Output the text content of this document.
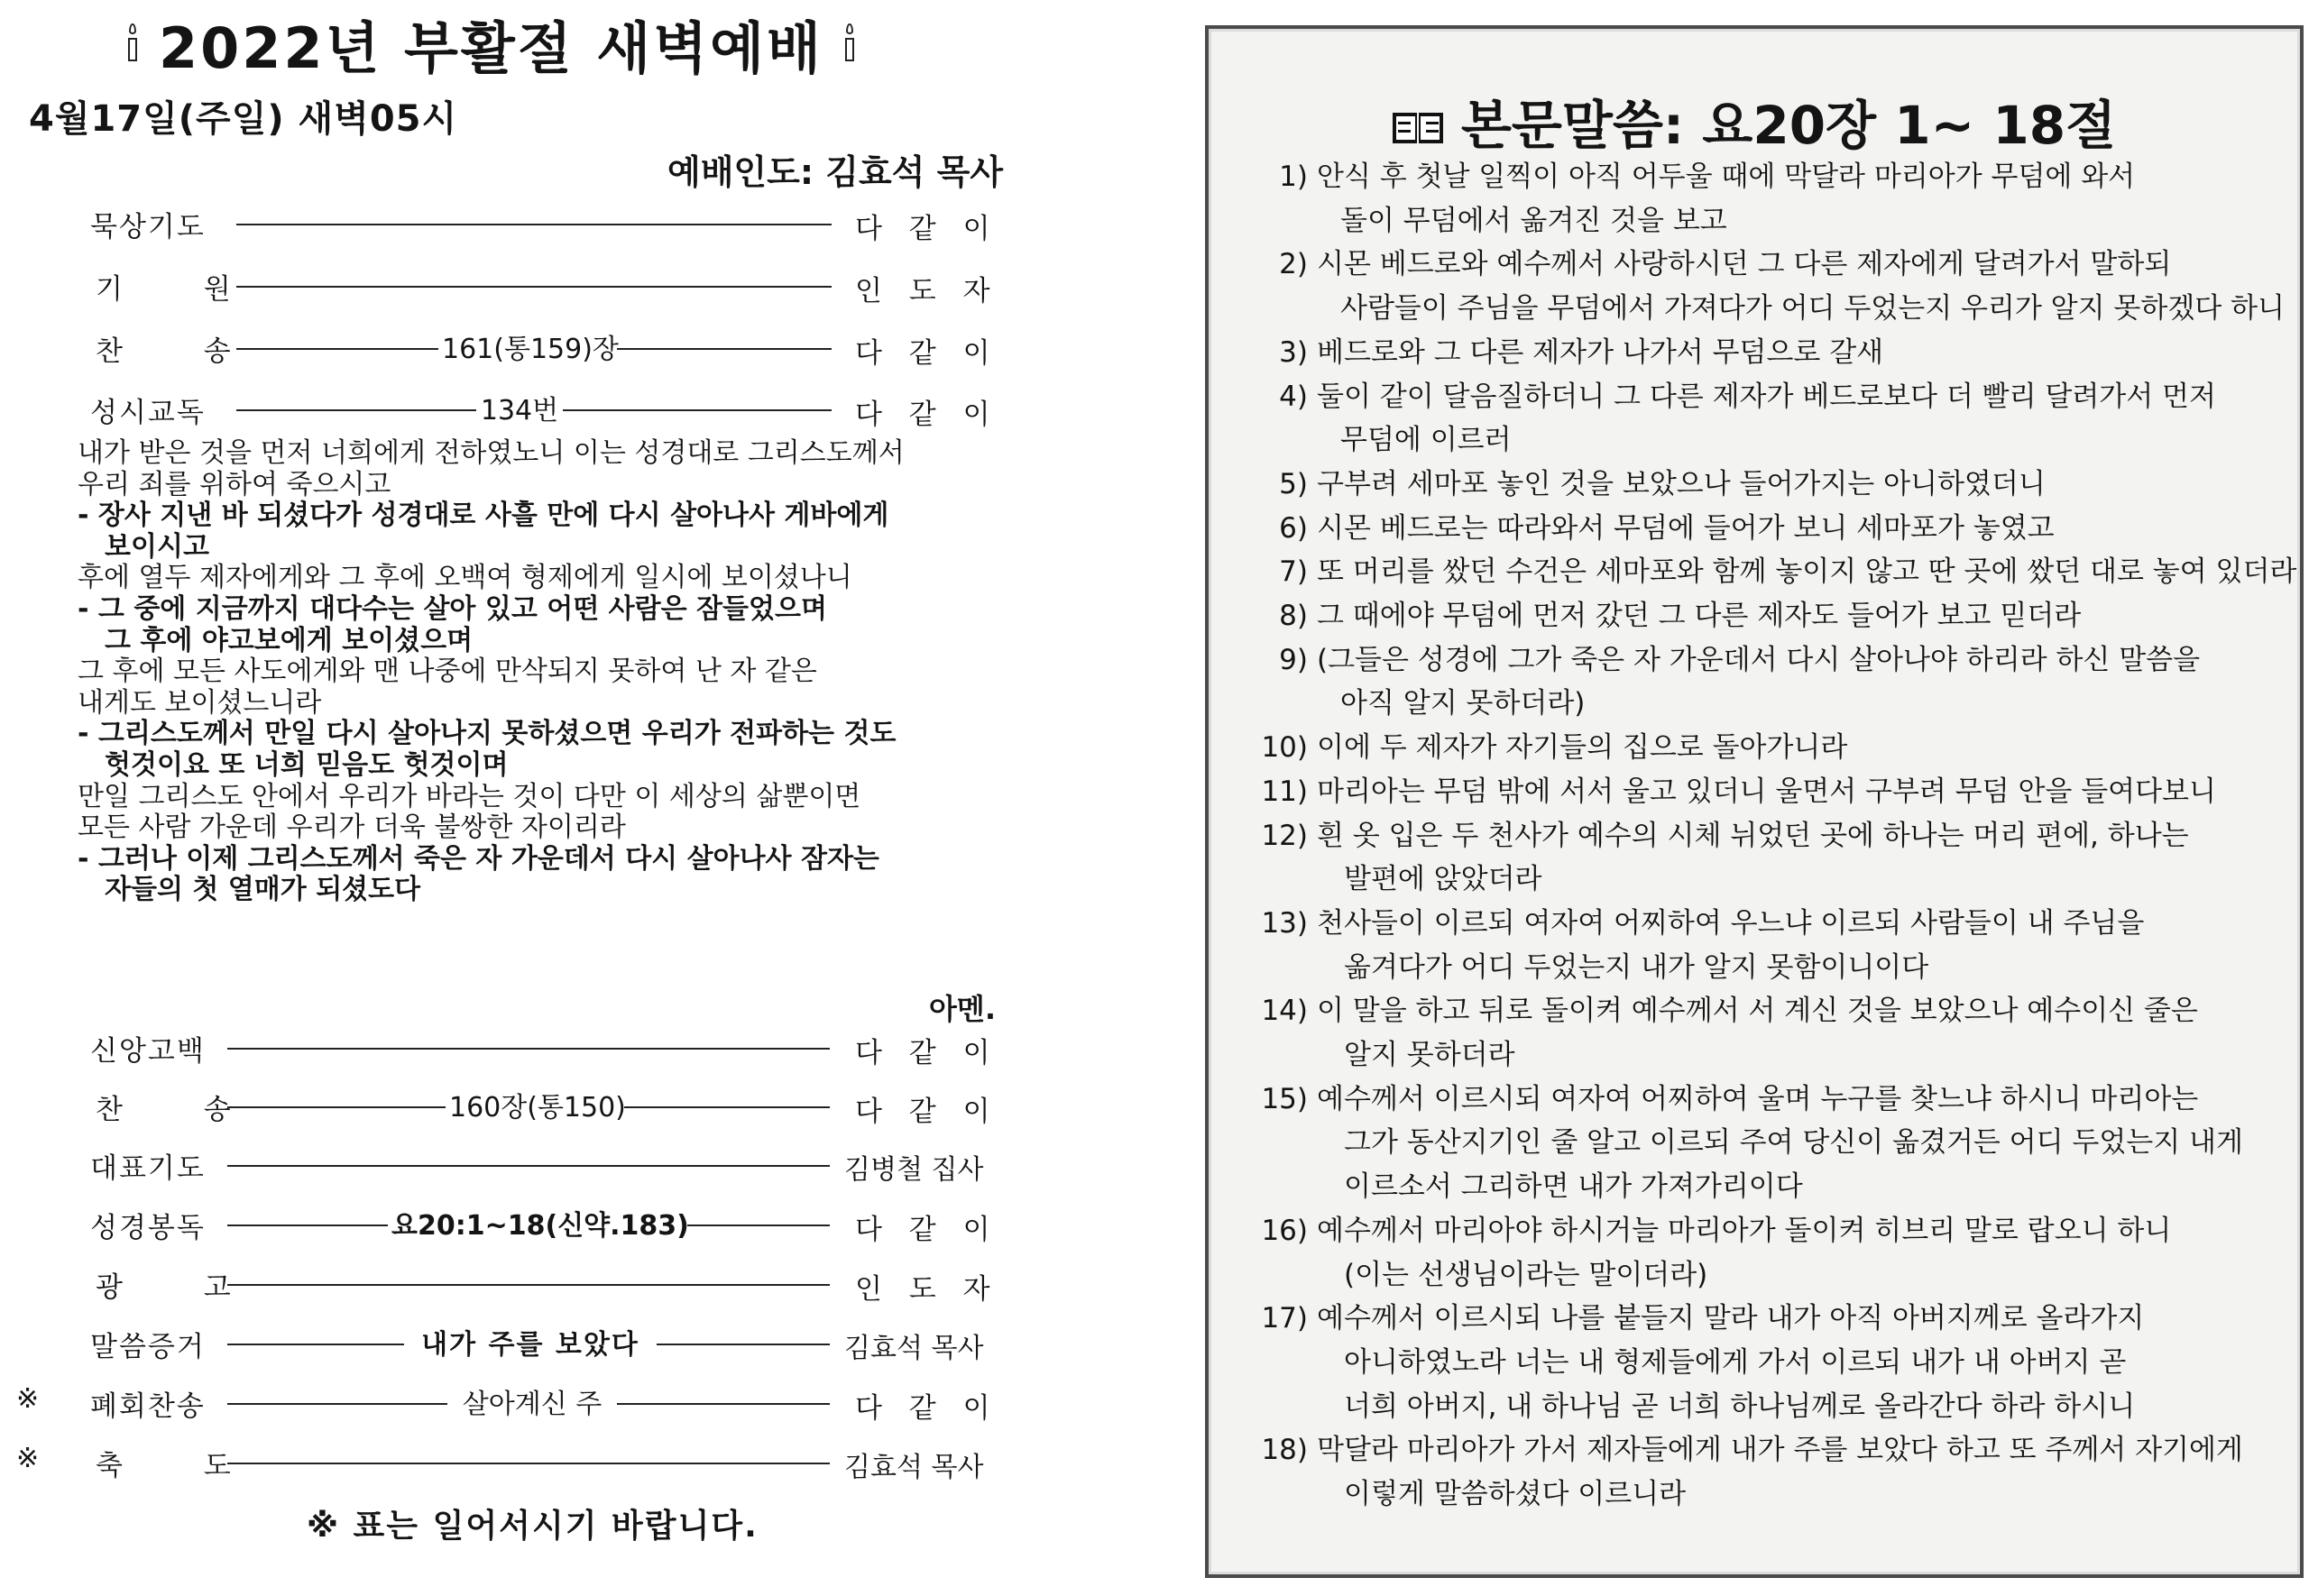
2022년 부활절 새벽예배
4월17일(주일) 새벽05시
예배인도: 김효석 목사
묵상기도	다 같 이
기 원	인 도 자
찬 송	161(통159)장	다 같 이
성시교독	134번	다 같 이

내가 받은 것을 먼저 너희에게 전하였노니 이는 성경대로 그리스도께서

우리 죄를 위하여 죽으시고

- 장사 지낸 바 되셨다가 성경대로 사흘 만에 다시 살아나사 게바에게

보이시고

후에 열두 제자에게와 그 후에 오백여 형제에게 일시에 보이셨나니

- 그 중에 지금까지 대다수는 살아 있고 어떤 사람은 잠들었으며

그 후에 야고보에게 보이셨으며

그 후에 모든 사도에게와 맨 나중에 만삭되지 못하여 난 자 같은

내게도 보이셨느니라

- 그리스도께서 만일 다시 살아나지 못하셨으면 우리가 전파하는 것도

헛것이요 또 너희 믿음도 헛것이며

만일 그리스도 안에서 우리가 바라는 것이 다만 이 세상의 삶뿐이면

모든 사람 가운데 우리가 더욱 불쌍한 자이리라

- 그러나 이제 그리스도께서 죽은 자 가운데서 다시 살아나사 잠자는

자들의 첫 열매가 되셨도다

아멘.
신앙고백	다 같 이
찬 송	160장(통150)	다 같 이
대표기도	김병철 집사
성경봉독	요20:1~18(신약.183)	다 같 이
광 고	인 도 자
말씀증거	내가 주를 보았다	김효석 목사
※ 폐회찬송	살아계신 주	다 같 이
※ 축 도	김효석 목사
※ 표는 일어서시기 바랍니다.
본문말씀: 요20장 1~ 18절
1) 안식 후 첫날 일찍이 아직 어두울 때에 막달라 마리아가 무덤에 와서
돌이 무덤에서 옮겨진 것을 보고
2) 시몬 베드로와 예수께서 사랑하시던 그 다른 제자에게 달려가서 말하되
사람들이 주님을 무덤에서 가져다가 어디 두었는지 우리가 알지 못하겠다 하니
3) 베드로와 그 다른 제자가 나가서 무덤으로 갈새
4) 둘이 같이 달음질하더니 그 다른 제자가 베드로보다 더 빨리 달려가서 먼저
무덤에 이르러
5) 구부려 세마포 놓인 것을 보았으나 들어가지는 아니하였더니
6) 시몬 베드로는 따라와서 무덤에 들어가 보니 세마포가 놓였고
7) 또 머리를 쌌던 수건은 세마포와 함께 놓이지 않고 딴 곳에 쌌던 대로 놓여 있더라
8) 그 때에야 무덤에 먼저 갔던 그 다른 제자도 들어가 보고 믿더라
9) (그들은 성경에 그가 죽은 자 가운데서 다시 살아나야 하리라 하신 말씀을
아직 알지 못하더라)
10) 이에 두 제자가 자기들의 집으로 돌아가니라
11) 마리아는 무덤 밖에 서서 울고 있더니 울면서 구부려 무덤 안을 들여다보니
12) 흰 옷 입은 두 천사가 예수의 시체 뉘었던 곳에 하나는 머리 편에, 하나는
발편에 앉았더라
13) 천사들이 이르되 여자여 어찌하여 우느냐 이르되 사람들이 내 주님을
옮겨다가 어디 두었는지 내가 알지 못함이니이다
14) 이 말을 하고 뒤로 돌이켜 예수께서 서 계신 것을 보았으나 예수이신 줄은
알지 못하더라
15) 예수께서 이르시되 여자여 어찌하여 울며 누구를 찾느냐 하시니 마리아는
그가 동산지기인 줄 알고 이르되 주여 당신이 옮겼거든 어디 두었는지 내게
이르소서 그리하면 내가 가져가리이다
16) 예수께서 마리아야 하시거늘 마리아가 돌이켜 히브리 말로 랍오니 하니
(이는 선생님이라는 말이더라)
17) 예수께서 이르시되 나를 붙들지 말라 내가 아직 아버지께로 올라가지
아니하였노라 너는 내 형제들에게 가서 이르되 내가 내 아버지 곧
너희 아버지, 내 하나님 곧 너희 하나님께로 올라간다 하라 하시니
18) 막달라 마리아가 가서 제자들에게 내가 주를 보았다 하고 또 주께서 자기에게
이렇게 말씀하셨다 이르니라
